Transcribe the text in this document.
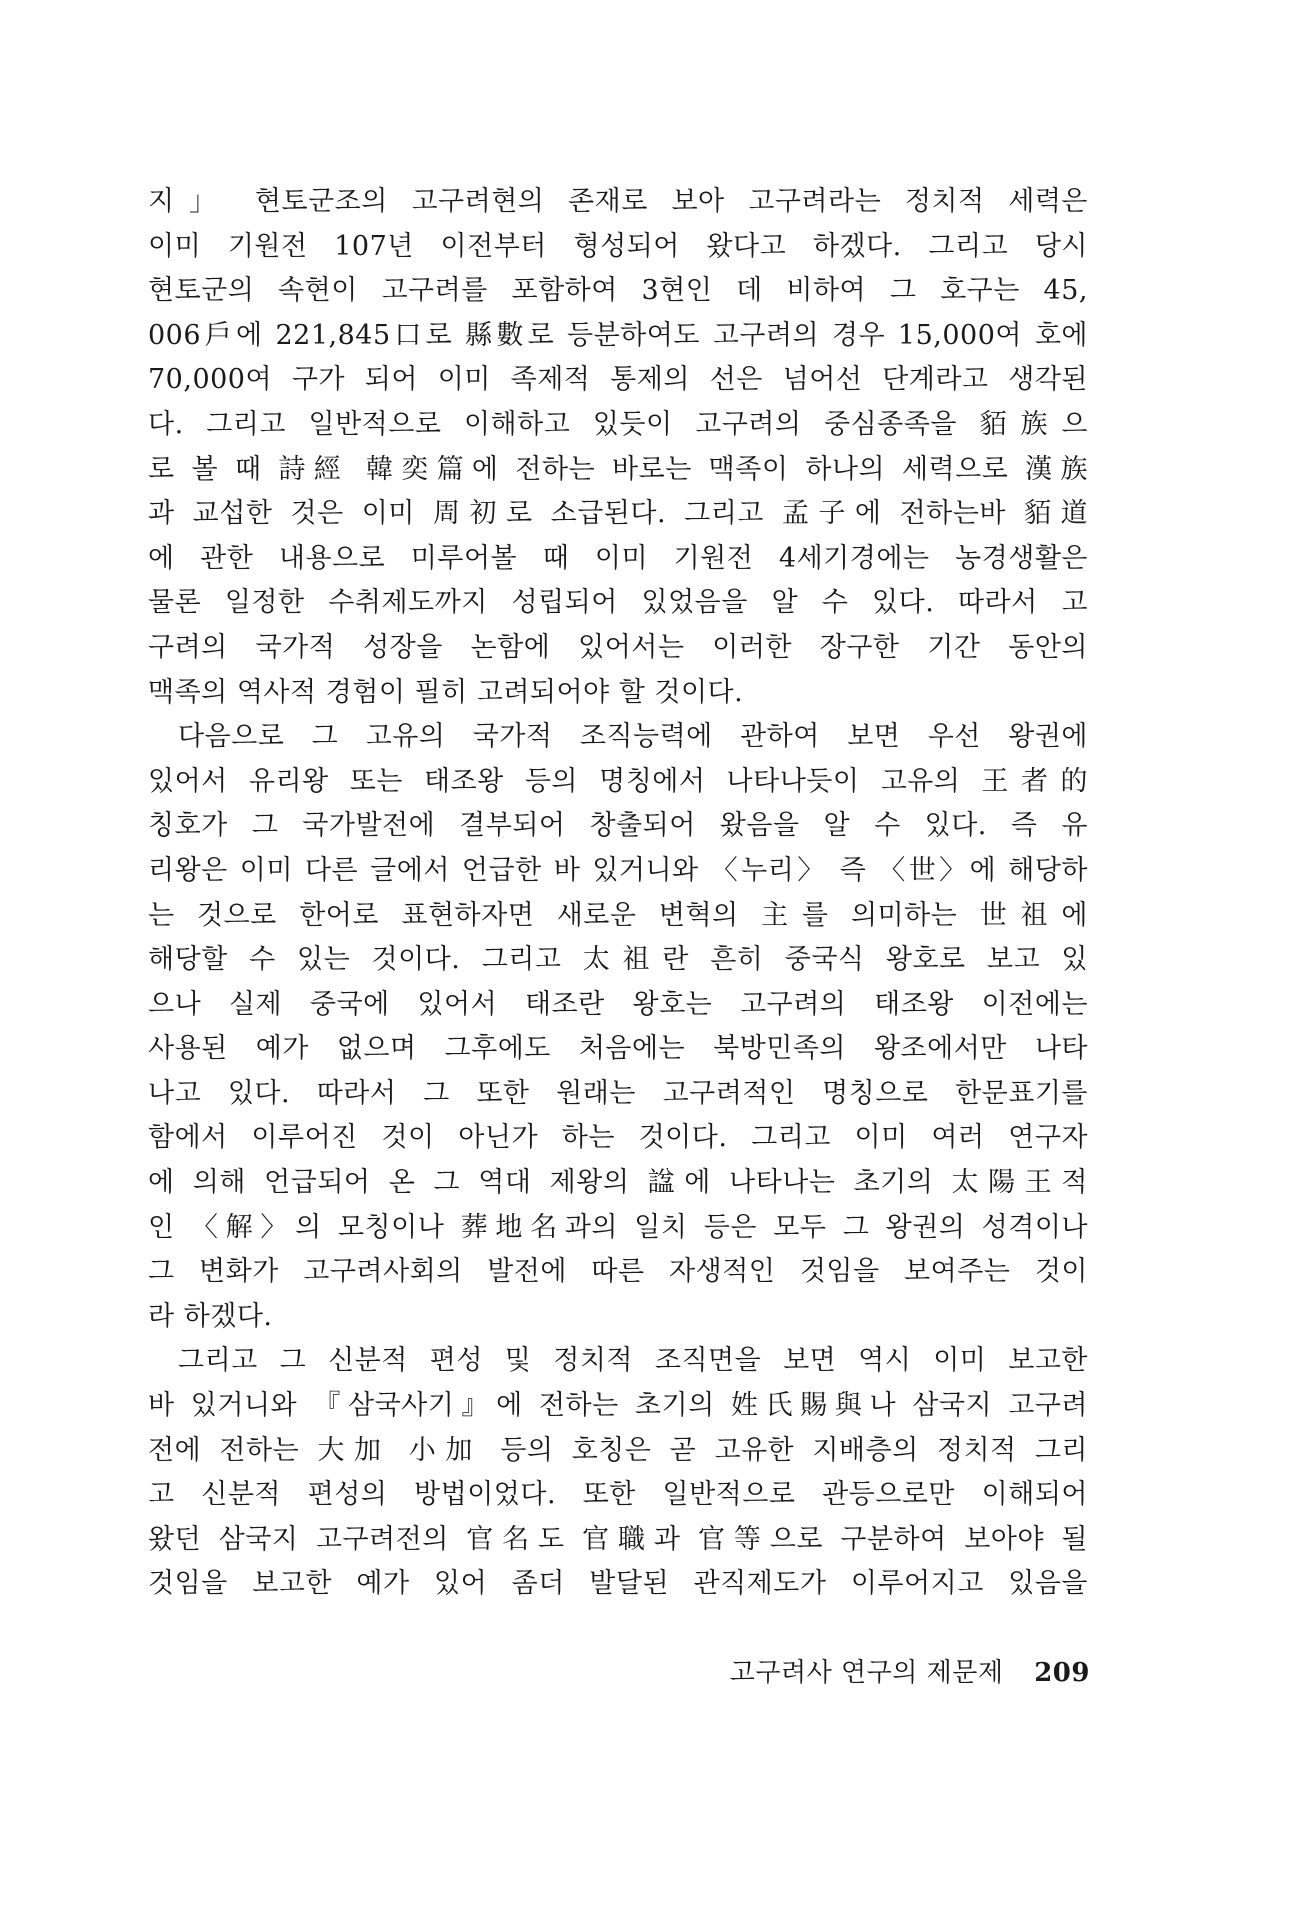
지」 현토군조의 고구려현의 존재로 보아 고구려라는 정치적 세력은
이미 기원전 107년 이전부터 형성되어 왔다고 하겠다. 그리고 당시
현토군의 속현이 고구려를 포함하여 3현인 데 비하여 그 호구는 45,
006戶에 221,845口로 縣數로 등분하여도 고구려의 경우 15,000여 호에
70,000여 구가 되어 이미 족제적 통제의 선은 넘어선 단계라고 생각된
다. 그리고 일반적으로 이해하고 있듯이 고구려의 중심종족을 貊族으
로 볼 때 詩經 韓奕篇에 전하는 바로는 맥족이 하나의 세력으로 漢族
과 교섭한 것은 이미 周初로 소급된다. 그리고 孟子에 전하는바 貊道
에 관한 내용으로 미루어볼 때 이미 기원전 4세기경에는 농경생활은
물론 일정한 수취제도까지 성립되어 있었음을 알 수 있다. 따라서 고
구려의 국가적 성장을 논함에 있어서는 이러한 장구한 기간 동안의
맥족의 역사적 경험이 필히 고려되어야 할 것이다.
다음으로 그 고유의 국가적 조직능력에 관하여 보면 우선 왕권에
있어서 유리왕 또는 태조왕 등의 명칭에서 나타나듯이 고유의 王者的
칭호가 그 국가발전에 결부되어 창출되어 왔음을 알 수 있다. 즉 유
리왕은 이미 다른 글에서 언급한 바 있거니와 〈누리〉 즉 〈世〉에 해당하
는 것으로 한어로 표현하자면 새로운 변혁의 主를 의미하는 世祖에
해당할 수 있는 것이다. 그리고 太祖란 흔히 중국식 왕호로 보고 있
으나 실제 중국에 있어서 태조란 왕호는 고구려의 태조왕 이전에는
사용된 예가 없으며 그후에도 처음에는 북방민족의 왕조에서만 나타
나고 있다. 따라서 그 또한 원래는 고구려적인 명칭으로 한문표기를
함에서 이루어진 것이 아닌가 하는 것이다. 그리고 이미 여러 연구자
에 의해 언급되어 온 그 역대 제왕의 諡에 나타나는 초기의 太陽王적
인 〈解〉의 모칭이나 葬地名과의 일치 등은 모두 그 왕권의 성격이나
그 변화가 고구려사회의 발전에 따른 자생적인 것임을 보여주는 것이
라 하겠다.
그리고 그 신분적 편성 및 정치적 조직면을 보면 역시 이미 보고한
바 있거니와 『삼국사기』에 전하는 초기의 姓氏賜與나 삼국지 고구려
전에 전하는 大加 小加 등의 호칭은 곧 고유한 지배층의 정치적 그리
고 신분적 편성의 방법이었다. 또한 일반적으로 관등으로만 이해되어
왔던 삼국지 고구려전의 官名도 官職과 官等으로 구분하여 보아야 될
것임을 보고한 예가 있어 좀더 발달된 관직제도가 이루어지고 있음을
고구려사 연구의 제문제 209
